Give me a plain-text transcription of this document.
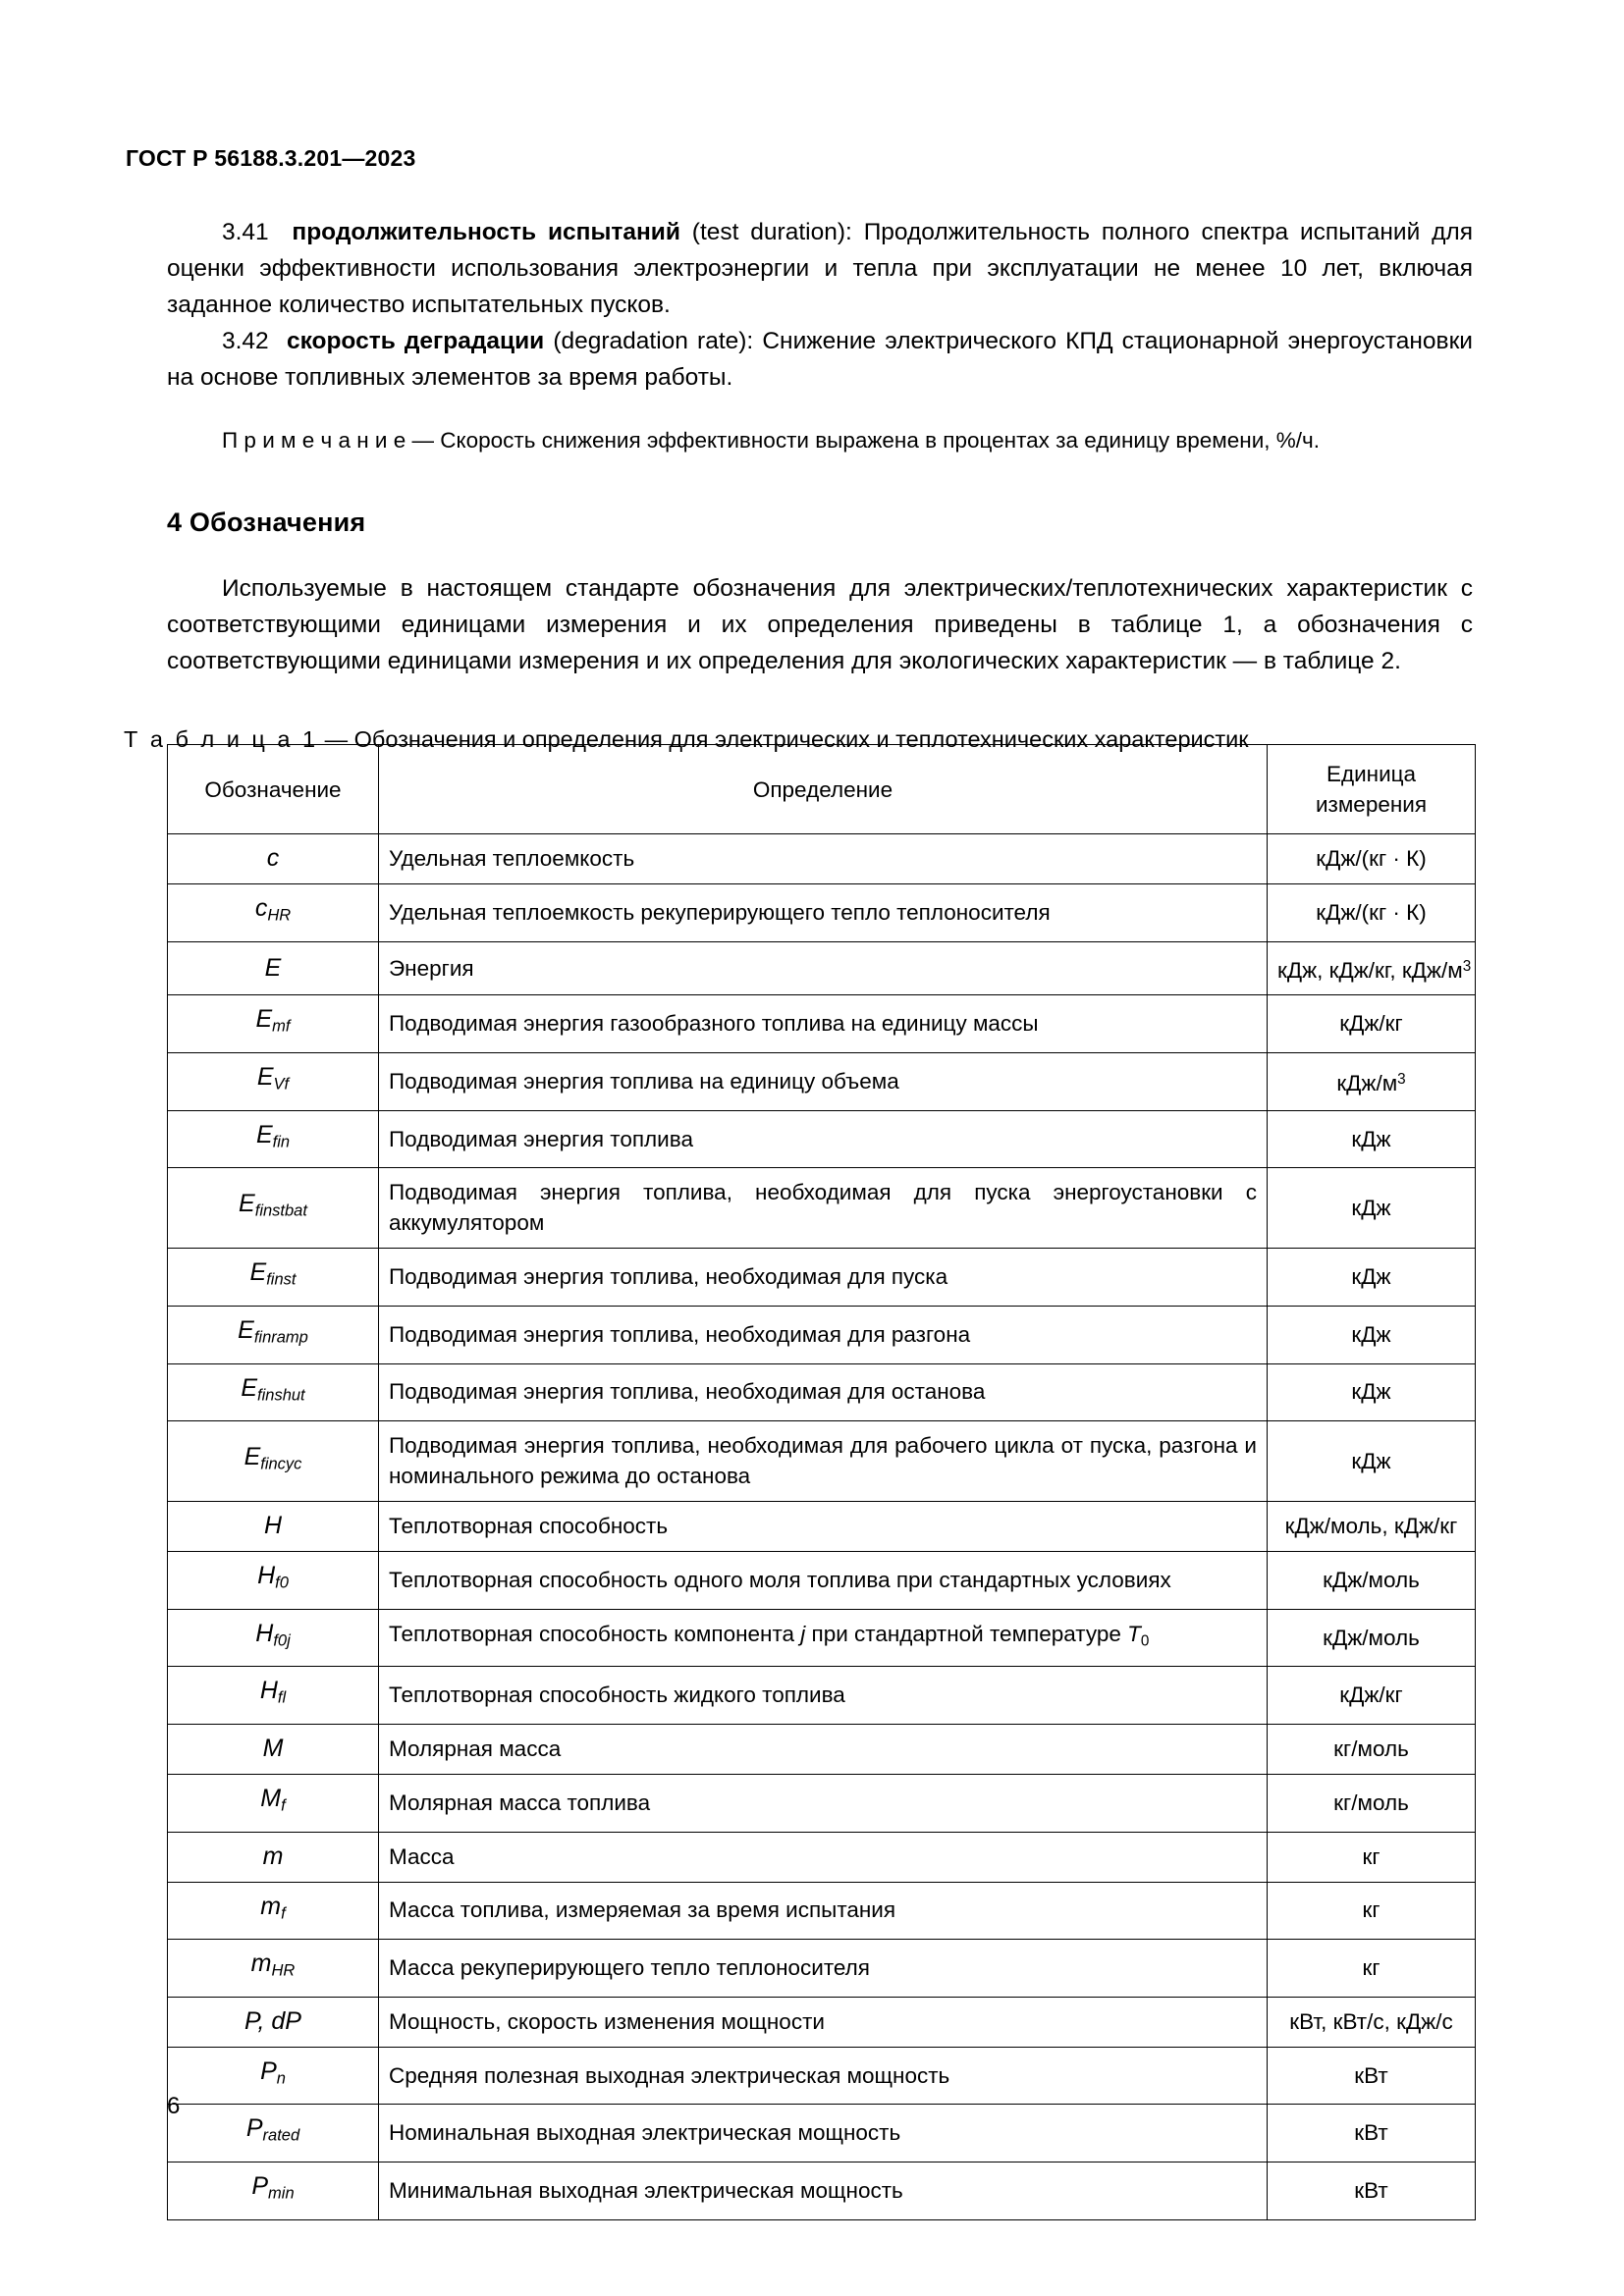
ГОСТ Р 56188.3.201—2023

3.41 продолжительность испытаний (test duration): Продолжительность полного спектра испытаний для оценки эффективности использования электроэнергии и тепла при эксплуатации не менее 10 лет, включая заданное количество испытательных пусков.

3.42 скорость деградации (degradation rate): Снижение электрического КПД стационарной энергоустановки на основе топливных элементов за время работы.

П р и м е ч а н и е — Скорость снижения эффективности выражена в процентах за единицу времени, %/ч.

4 Обозначения

Используемые в настоящем стандарте обозначения для электрических/теплотехнических характеристик с соответствующими единицами измерения и их определения приведены в таблице 1, а обозначения с соответствующими единицами измерения и их определения для экологических характеристик — в таблице 2.

Т а б л и ц а 1 — Обозначения и определения для электрических и теплотехнических характеристик
Обозначение	Определение	Единица измерения
c	Удельная теплоемкость	кДж/(кг · К)
$c_{HR}$	Удельная теплоемкость рекуперирующего тепло теплоносителя	кДж/(кг · К)
E	Энергия	кДж, кДж/кг, кДж/$м^3$
$E_{mf}$	Подводимая энергия газообразного топлива на единицу массы	кДж/кг
$E_{Vf}$	Подводимая энергия топлива на единицу объема	кДж/$м^3$
$E_{fin}$	Подводимая энергия топлива	кДж
$E_{finstbat}$	Подводимая энергия топлива, необходимая для пуска энергоустановки с аккумулятором	кДж
$E_{finst}$	Подводимая энергия топлива, необходимая для пуска	кДж
$E_{finramp}$	Подводимая энергия топлива, необходимая для разгона	кДж
$E_{finshut}$	Подводимая энергия топлива, необходимая для останова	кДж
$E_{fincyc}$	Подводимая энергия топлива, необходимая для рабочего цикла от пуска, разгона и номинального режима до останова	кДж
H	Теплотворная способность	кДж/моль, кДж/кг
$H_{f0}$	Теплотворная способность одного моля топлива при стандартных условиях	кДж/моль
$H_{f0j}$	Теплотворная способность компонента j при стандартной температуре $T_0$	кДж/моль
$H_{fl}$	Теплотворная способность жидкого топлива	кДж/кг
M	Молярная масса	кг/моль
$M_f$	Молярная масса топлива	кг/моль
m	Масса	кг
$m_f$	Масса топлива, измеряемая за время испытания	кг
$m_{HR}$	Масса рекуперирующего тепло теплоносителя	кг
P, dP	Мощность, скорость изменения мощности	кВт, кВт/с, кДж/с
$P_n$	Средняя полезная выходная электрическая мощность	кВт
$P_{rated}$	Номинальная выходная электрическая мощность	кВт
$P_{min}$	Минимальная выходная электрическая мощность	кВт
6
